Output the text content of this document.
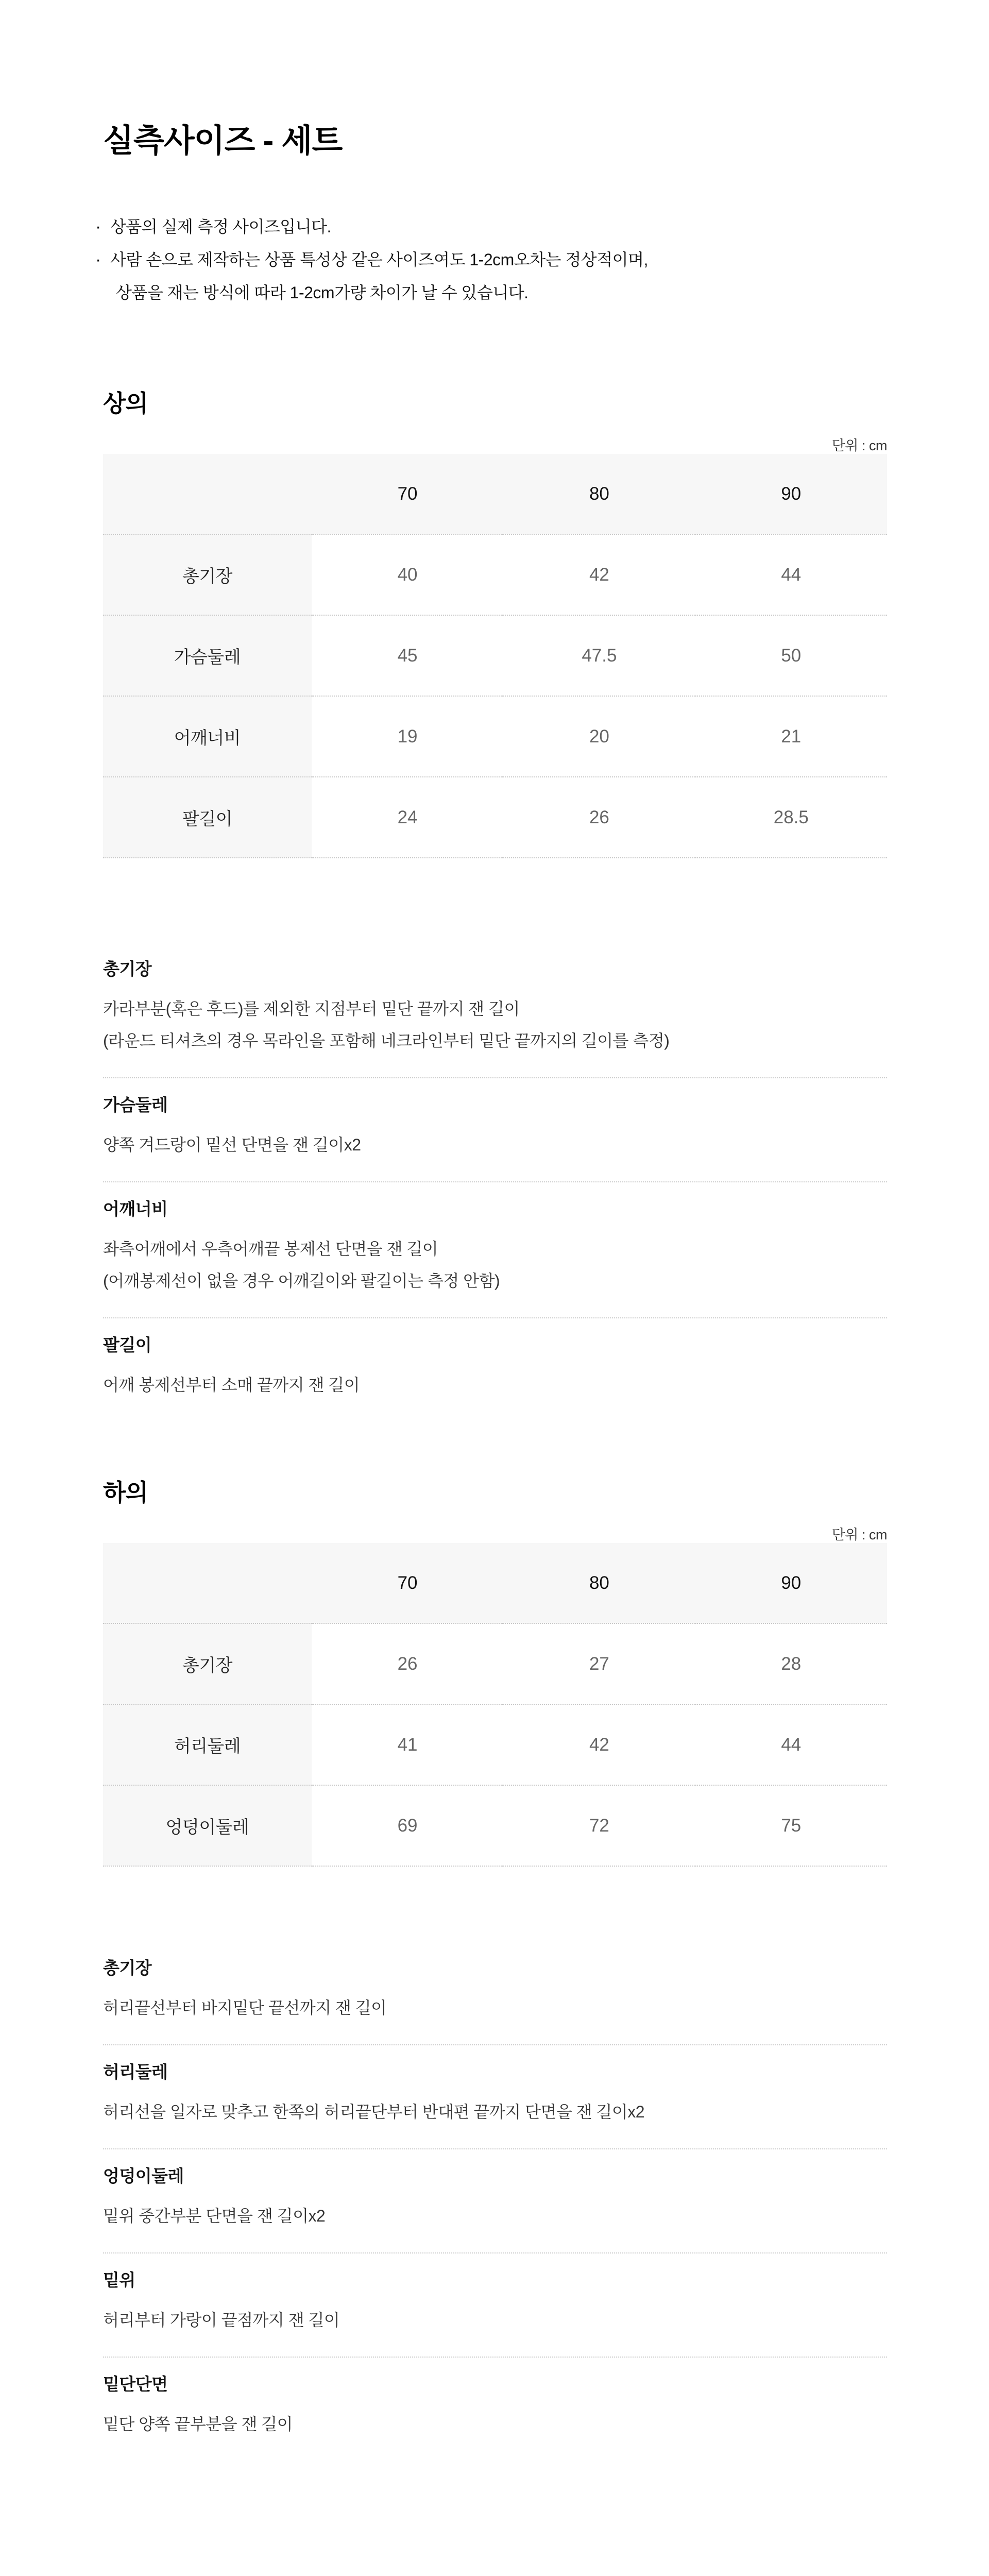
실측사이즈 - 세트
· 상품의 실제 측정 사이즈입니다.
· 사람 손으로 제작하는 상품 특성상 같은 사이즈여도 1-2cm오차는 정상적이며,
상품을 재는 방식에 따라 1-2cm가량 차이가 날 수 있습니다.
상의
단위 : cm
	70	80	90
총기장	40	42	44
가슴둘레	45	47.5	50
어깨너비	19	20	21
팔길이	24	26	28.5
총기장
카라부분(혹은 후드)를 제외한 지점부터 밑단 끝까지 잰 길이
(라운드 티셔츠의 경우 목라인을 포함해 네크라인부터 밑단 끝까지의 길이를 측정)
가슴둘레
양쪽 겨드랑이 밑선 단면을 잰 길이x2
어깨너비
좌측어깨에서 우측어깨끝 봉제선 단면을 잰 길이
(어깨봉제선이 없을 경우 어깨길이와 팔길이는 측정 안함)
팔길이
어깨 봉제선부터 소매 끝까지 잰 길이
하의
단위 : cm
	70	80	90
총기장	26	27	28
허리둘레	41	42	44
엉덩이둘레	69	72	75
총기장
허리끝선부터 바지밑단 끝선까지 잰 길이
허리둘레
허리선을 일자로 맞추고 한쪽의 허리끝단부터 반대편 끝까지 단면을 잰 길이x2
엉덩이둘레
밑위 중간부분 단면을 잰 길이x2
밑위
허리부터 가랑이 끝점까지 잰 길이
밑단단면
밑단 양쪽 끝부분을 잰 길이
